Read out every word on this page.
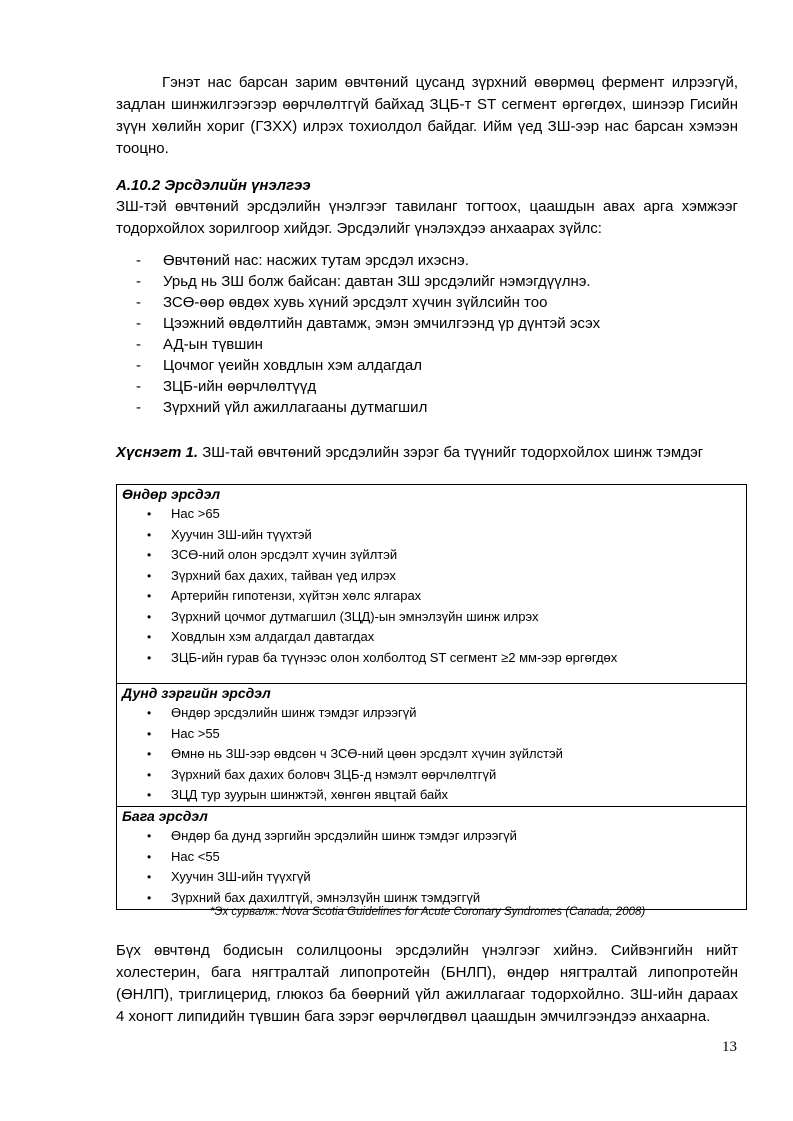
Гэнэт нас барсан зарим өвчтөний цусанд зүрхний өвөрмөц фермент илрээгүй, задлан шинжилгээгээр өөрчлөлтгүй байхад ЗЦБ-т ST сегмент өргөгдөх, шинээр Гисийн зүүн хөлийн хориг (ГЗХХ) илрэх тохиолдол байдаг. Ийм үед ЗШ-ээр нас барсан хэмээн тооцно.

А.10.2 Эрсдэлийн үнэлгээ

ЗШ-тэй өвчтөний эрсдэлийн үнэлгээг тавиланг тогтоох, цаашдын авах арга хэмжээг тодорхойлох зорилгоор хийдэг. Эрсдэлийг үнэлэхдээ анхаарах зүйлс:

- Өвчтөний нас: насжих тутам эрсдэл ихэснэ.
- Урьд нь ЗШ болж байсан: давтан ЗШ эрсдэлийг нэмэгдүүлнэ.
- ЗСӨ-өөр өвдөх хувь хүний эрсдэлт хүчин зүйлсийн тоо
- Цээжний өвдөлтийн давтамж, эмэн эмчилгээнд үр дүнтэй эсэх
- АД-ын түвшин
- Цочмог үеийн ховдлын хэм алдагдал
- ЗЦБ-ийн өөрчлөлтүүд
- Зүрхний үйл ажиллагааны дутмагшил

Хүснэгт 1. ЗШ-тай өвчтөний эрсдэлийн зэрэг ба түүнийг тодорхойлох шинж тэмдэг

Өндөр эрсдэл
• Нас >65
• Хуучин ЗШ-ийн түүхтэй
• ЗСӨ-ний олон эрсдэлт хүчин зүйлтэй
• Зүрхний бах дахих, тайван үед илрэх
• Артерийн гипотензи, хүйтэн хөлс ялгарах
• Зүрхний цочмог дутмагшил (ЗЦД)-ын эмнэлзүйн шинж илрэх
• Ховдлын хэм алдагдал давтагдах
• ЗЦБ-ийн гурав ба түүнээс олон холболтод ST сегмент ≥2 мм-ээр өргөгдөх
Дунд зэргийн эрсдэл
• Өндөр эрсдэлийн шинж тэмдэг илрээгүй
• Нас >55
• Өмнө нь ЗШ-ээр өвдсөн ч ЗСӨ-ний цөөн эрсдэлт хүчин зүйлстэй
• Зүрхний бах дахих боловч ЗЦБ-д нэмэлт өөрчлөлтгүй
• ЗЦД тур зуурын шинжтэй, хөнгөн явцтай байх
Бага эрсдэл
• Өндөр ба дунд зэргийн эрсдэлийн шинж тэмдэг илрээгүй
• Нас <55
• Хуучин ЗШ-ийн түүхгүй
• Зүрхний бах дахилтгүй, эмнэлзүйн шинж тэмдэггүй

*Эх сурвалж: Nova Scotia Guidelines for Acute Coronary Syndromes (Canada, 2008)

Бүх өвчтөнд бодисын солилцооны эрсдэлийн үнэлгээг хийнэ. Сийвэнгийн нийт холестерин, бага нягтралтай липопротейн (БНЛП), өндөр нягтралтай липопротейн (ӨНЛП), триглицерид, глюкоз ба бөөрний үйл ажиллагааг тодорхойлно. ЗШ-ийн дараах 4 хоногт липидийн түвшин бага зэрэг өөрчлөгдвөл цаашдын эмчилгээндээ анхаарна.

13
